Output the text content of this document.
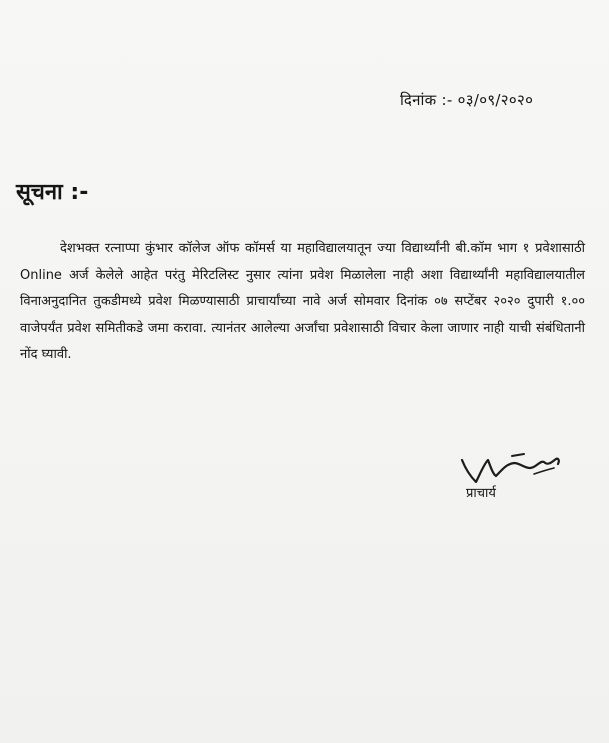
दिनांक :- ०३/०९/२०२०
सूचना :-

देशभक्त रत्नाप्पा कुंभार कॉलेज ऑफ कॉमर्स या महाविद्यालयातून ज्या विद्यार्थ्यांनी बी.कॉम भाग १ प्रवेशासाठी Online अर्ज केलेले आहेत परंतु मेरिटलिस्ट नुसार त्यांना प्रवेश मिळालेला नाही अशा विद्यार्थ्यांनी महाविद्यालयातील विनाअनुदानित तुकडीमध्ये प्रवेश मिळण्यासाठी प्राचार्यांच्या नावे अर्ज सोमवार दिनांक ०७ सप्टेंबर २०२० दुपारी १.०० वाजेपर्यंत प्रवेश समितीकडे जमा करावा. त्यानंतर आलेल्या अर्जांचा प्रवेशासाठी विचार केला जाणार नाही याची संबंधितानी नोंद घ्यावी.

प्राचार्य
